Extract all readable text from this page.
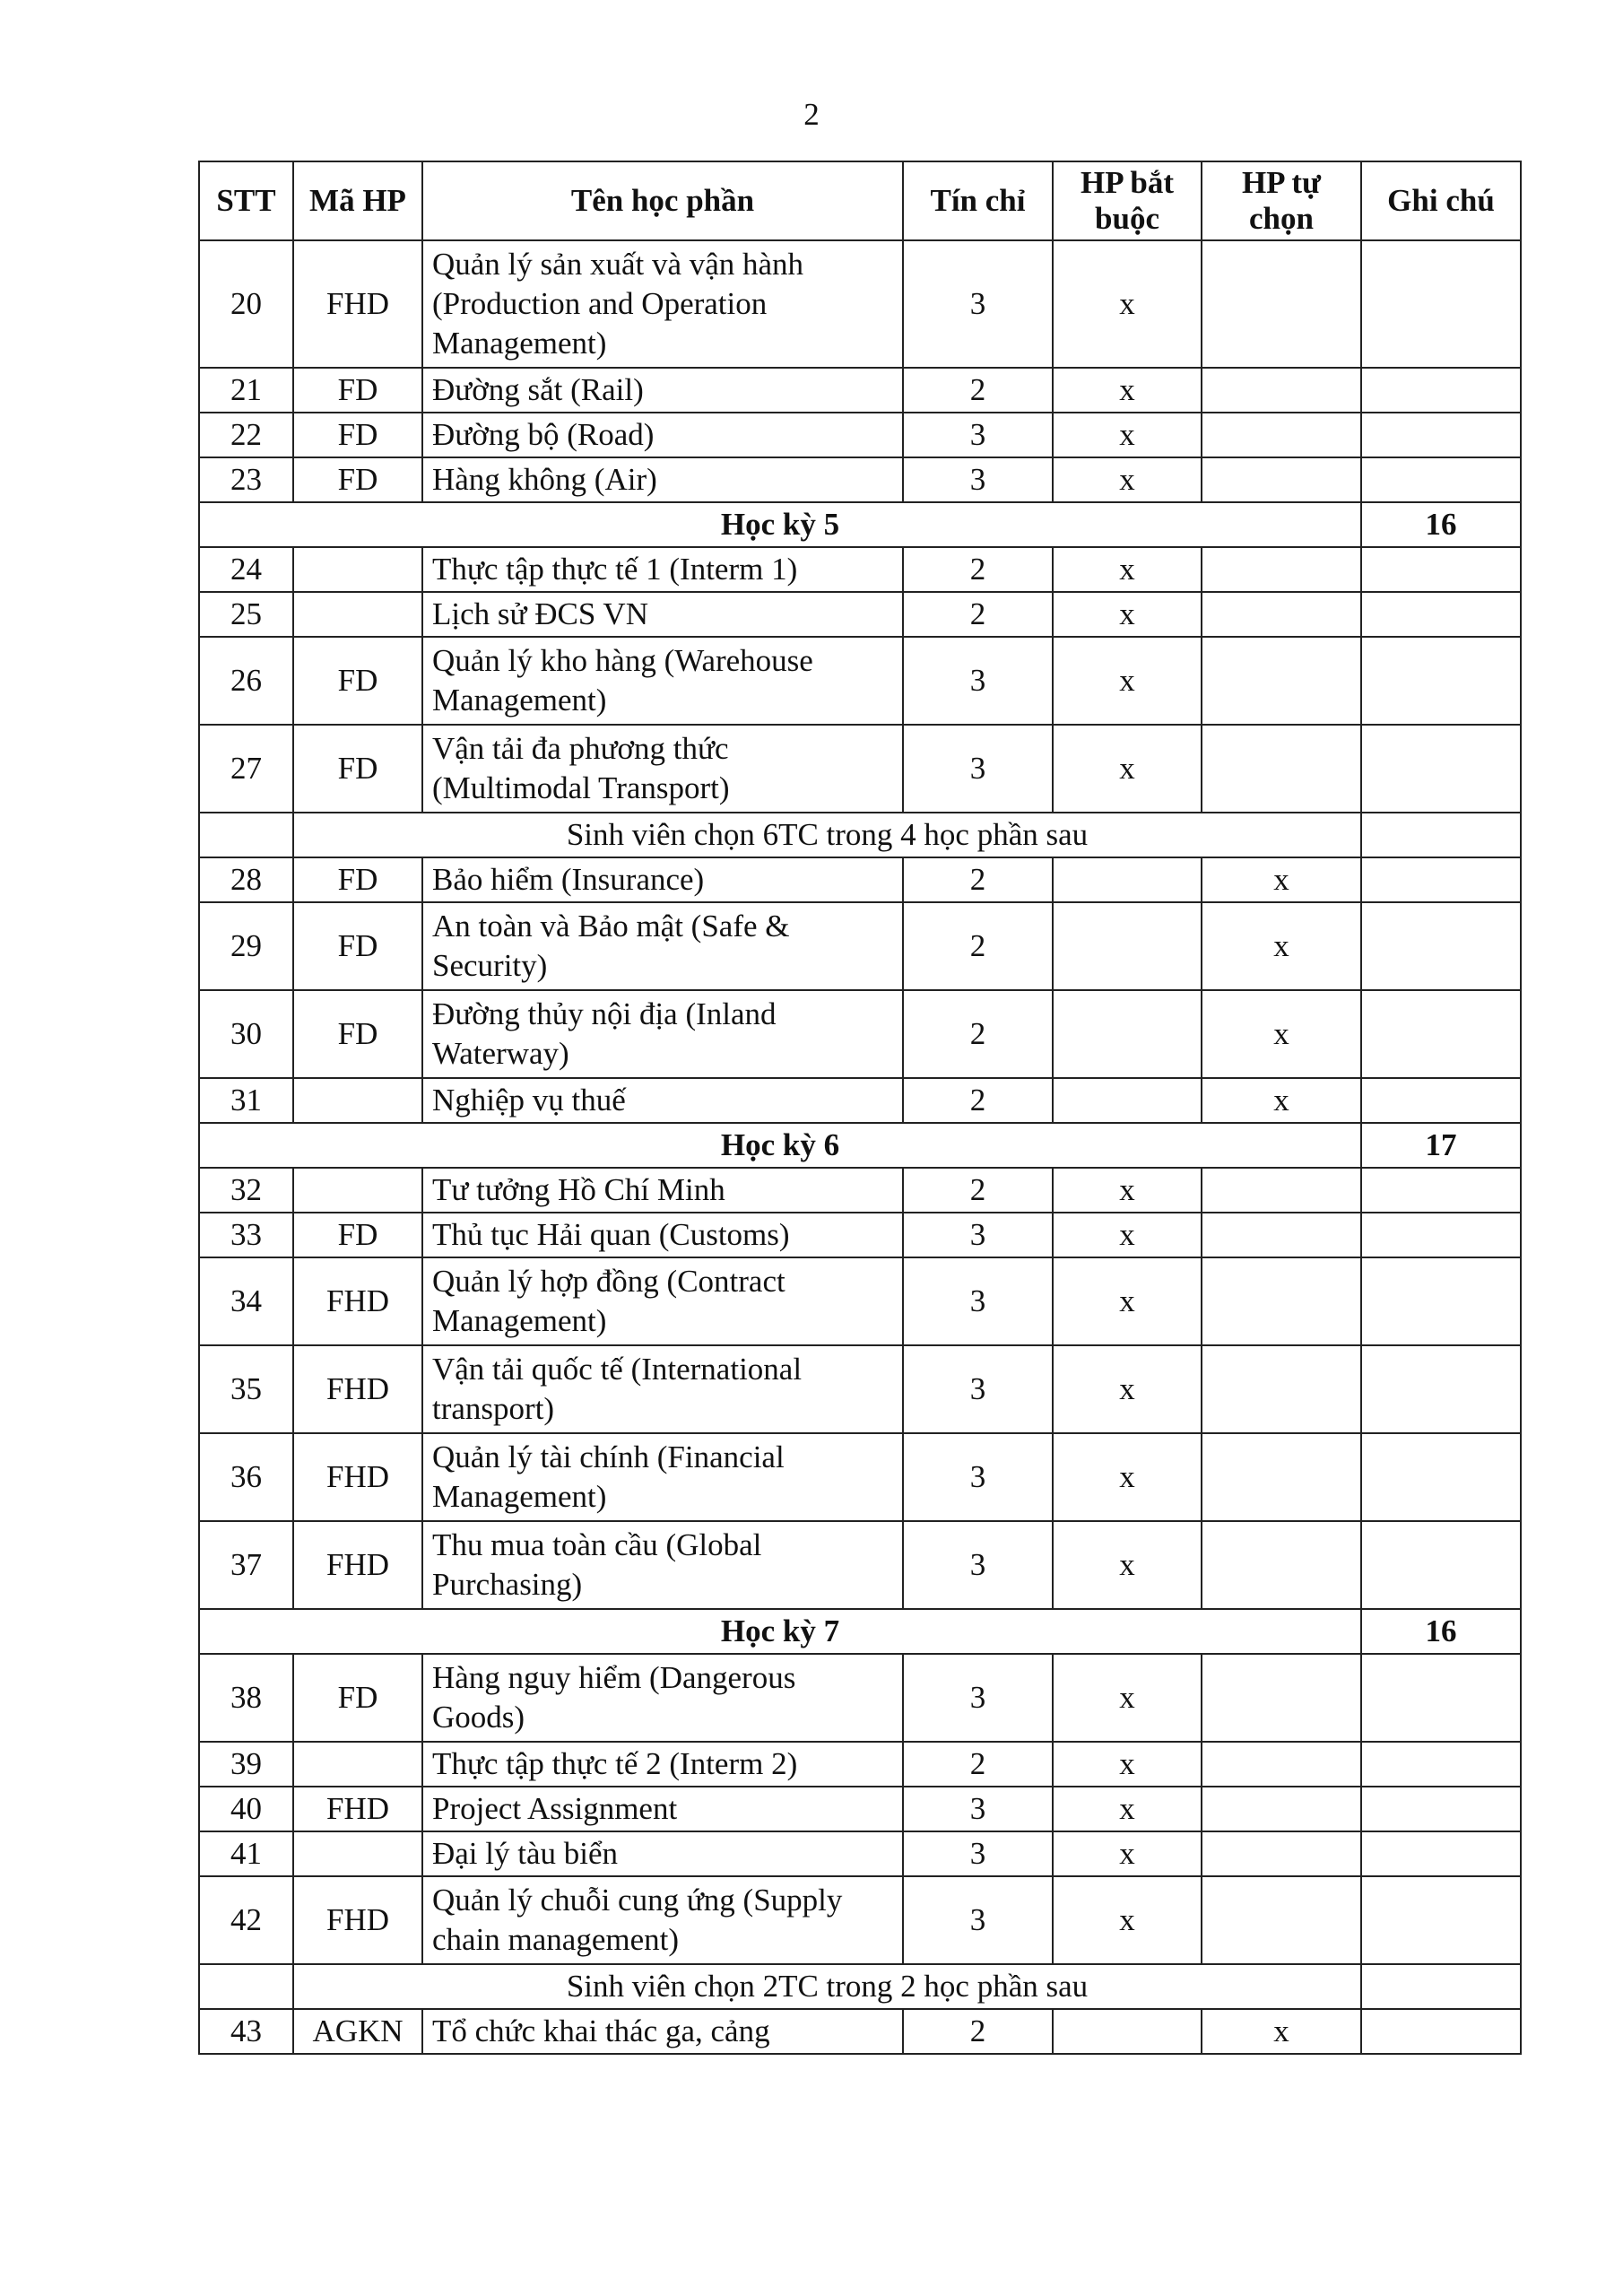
2
STT	Mã HP	Tên học phần	Tín chỉ	HP bắt buộc	HP tự chọn	Ghi chú
20	FHD	Quản lý sản xuất và vận hành (Production and Operation Management)	3	x		
21	FD	Đường sắt (Rail)	2	x		
22	FD	Đường bộ (Road)	3	x		
23	FD	Hàng không (Air)	3	x		
Học kỳ 5						16
24		Thực tập thực tế 1 (Interm 1)	2	x		
25		Lịch sử ĐCS VN	2	x		
26	FD	Quản lý kho hàng (Warehouse Management)	3	x		
27	FD	Vận tải đa phương thức (Multimodal Transport)	3	x		
	Sinh viên chọn 6TC trong 4 học phần sau					
28	FD	Bảo hiểm (Insurance)	2		x	
29	FD	An toàn và Bảo mật (Safe & Security)	2		x	
30	FD	Đường thủy nội địa (Inland Waterway)	2		x	
31		Nghiệp vụ thuế	2		x	
Học kỳ 6						17
32		Tư tưởng Hồ Chí Minh	2	x		
33	FD	Thủ tục Hải quan (Customs)	3	x		
34	FHD	Quản lý hợp đồng (Contract Management)	3	x		
35	FHD	Vận tải quốc tế (International transport)	3	x		
36	FHD	Quản lý tài chính (Financial Management)	3	x		
37	FHD	Thu mua toàn cầu (Global Purchasing)	3	x		
Học kỳ 7						16
38	FD	Hàng nguy hiểm (Dangerous Goods)	3	x		
39		Thực tập thực tế 2 (Interm 2)	2	x		
40	FHD	Project Assignment	3	x		
41		Đại lý tàu biển	3	x		
42	FHD	Quản lý chuỗi cung ứng (Supply chain management)	3	x		
	Sinh viên chọn 2TC trong 2 học phần sau					
43	AGKN	Tổ chức khai thác ga, cảng	2		x	
